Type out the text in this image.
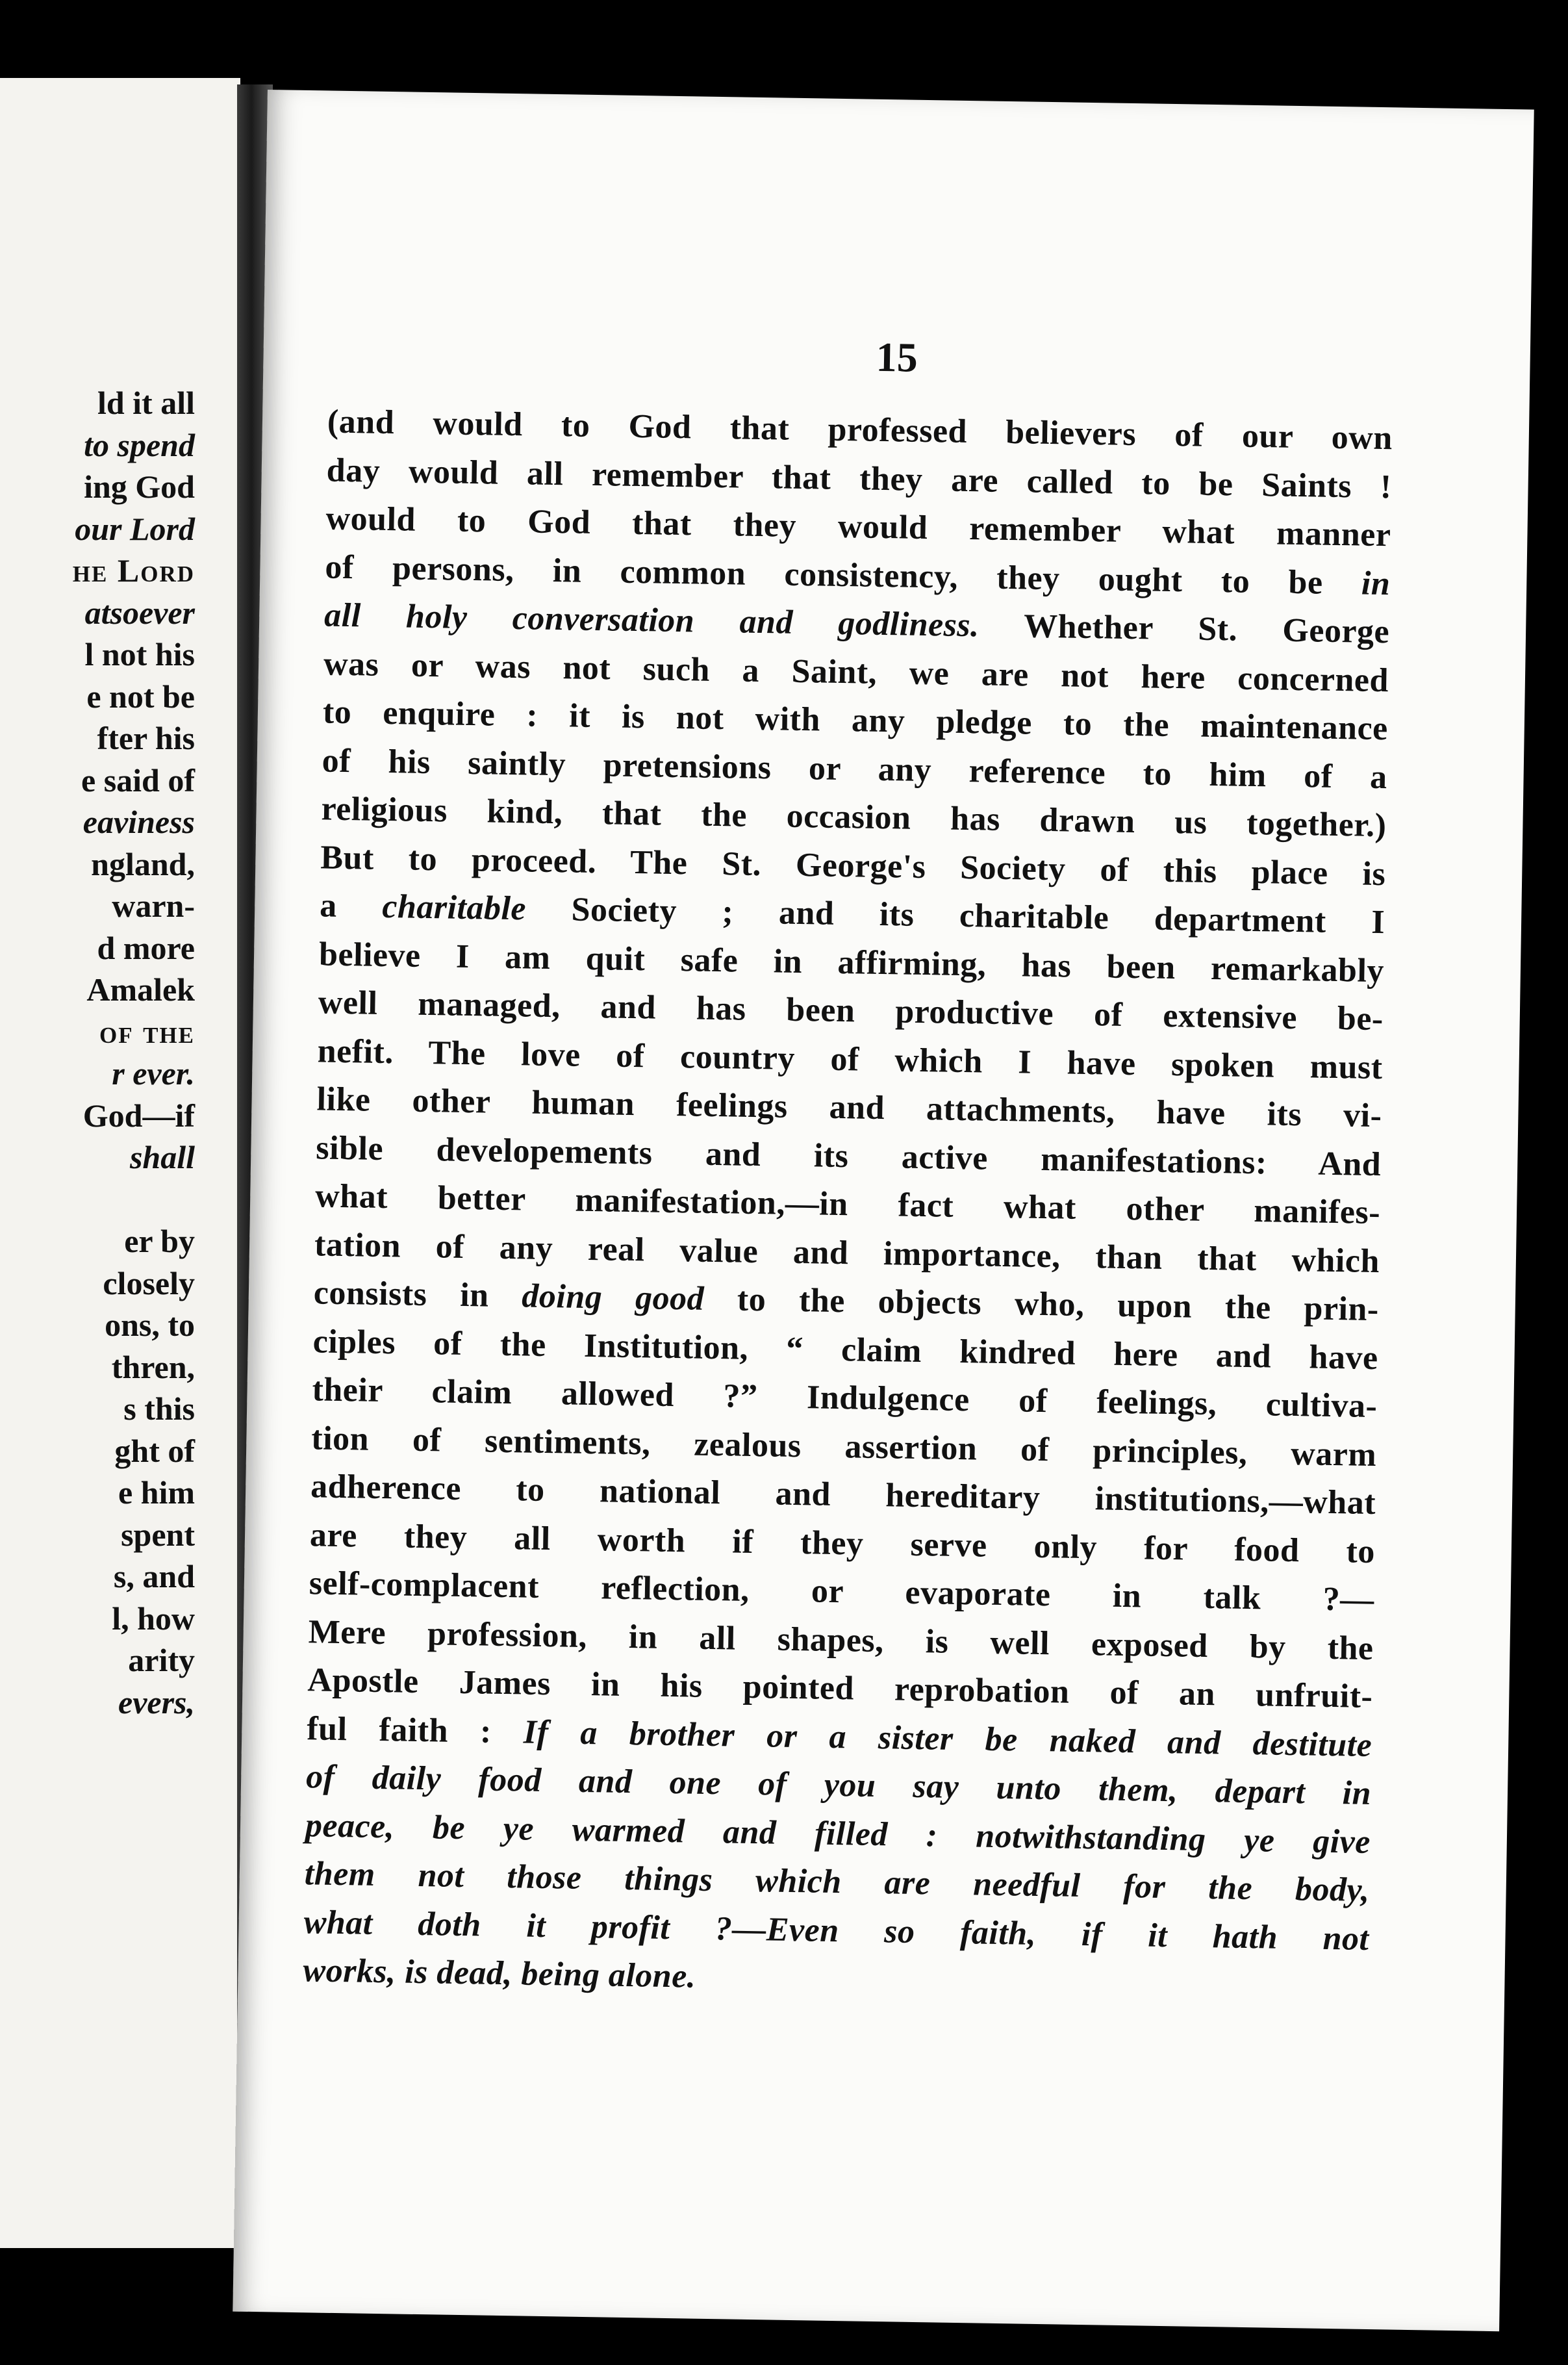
ld it all
to spend
ing God
our Lord
he Lord
atsoever
l not his
e not be
fter his
e said of
eaviness
ngland,
warn-
d more
Amalek
of the
r ever.
God—if
shall
er by
closely
ons, to
thren,
s this
ght of
e him
spent
s, and
l, how
arity
evers,
15
(and would to God that professed believers of our own
day would all remember that they are called to be Saints !
would to God that they would remember what manner
of persons, in common consistency, they ought to be in
all holy conversation and godliness. Whether St. George
was or was not such a Saint, we are not here concerned
to enquire : it is not with any pledge to the maintenance
of his saintly pretensions or any reference to him of a
religious kind, that the occasion has drawn us together.)
But to proceed. The St. George's Society of this place is
a charitable Society ; and its charitable department I
believe I am quit safe in affirming, has been remarkably
well managed, and has been productive of extensive be-
nefit. The love of country of which I have spoken must
like other human feelings and attachments, have its vi-
sible developements and its active manifestations: And
what better manifestation,—in fact what other manifes-
tation of any real value and importance, than that which
consists in doing good to the objects who, upon the prin-
ciples of the Institution, “ claim kindred here and have
their claim allowed ?” Indulgence of feelings, cultiva-
tion of sentiments, zealous assertion of principles, warm
adherence to national and hereditary institutions,—what
are they all worth if they serve only for food to
self-complacent reflection, or evaporate in talk ?—
Mere profession, in all shapes, is well exposed by the
Apostle James in his pointed reprobation of an unfruit-
ful faith : If a brother or a sister be naked and destitute
of daily food and one of you say unto them, depart in
peace, be ye warmed and filled : notwithstanding ye give
them not those things which are needful for the body,
what doth it profit ?—Even so faith, if it hath not
works, is dead, being alone.
